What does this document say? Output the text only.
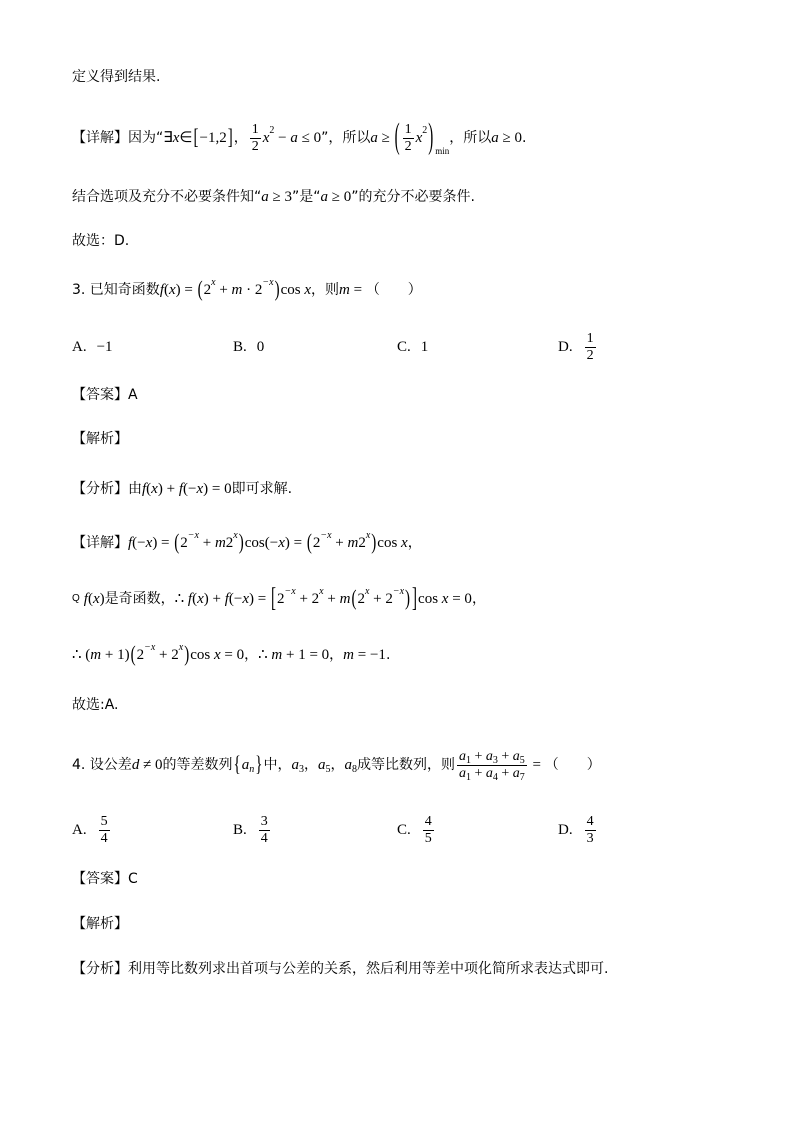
定义得到结果.
【详解】因为“ ∃ x ∈ [ −1,2 ] ， $\frac{1}{2}$ x 2 − a ≤ 0 ”，所以 a ≥ ( $\frac{1}{2}$ x 2 ) min
，所以 a ≥ 0 .
结合选项及充分不必要条件知“ a ≥ 3 ”是“ a ≥ 0 ”的充分不必要条件.
故选：D.
3. 已知奇函数 f ( x ) = ( 2 x + m · 2 −x ) cos x ，则 m = （　　）
A. −1	B. 0	C. 1	D. $\frac{1}{2}$
【答案】A
【解析】
【分析】由 f ( x ) + f (− x ) = 0 即可求解.
【详解】 f (− x ) = ( 2 −x + m 2 x ) cos(− x ) = ( 2 −x + m 2 x ) cos x ，
Q f ( x ) 是奇函数， ∴ f ( x ) + f (− x ) = [ 2 −x + 2 x + m ( 2 x + 2 −x ) ] cos x = 0 ，
∴ ( m + 1) ( 2 −x + 2 x ) cos x = 0 ， ∴ m + 1 = 0 ， m = −1 .
故选:A.
4. 设公差 d ≠ 0 的等差数列 { a n } 中， a 3 ， a 5 ， a 8 成等比数列，则
a 1 + a 3 + a 5
a 1 + a 4 + a 7
= （　　）
A. $\frac{5}{4}$	B. $\frac{3}{4}$	C. $\frac{4}{5}$	D. $\frac{4}{3}$
【答案】C
【解析】
【分析】利用等比数列求出首项与公差的关系，然后利用等差中项化简所求表达式即可.
